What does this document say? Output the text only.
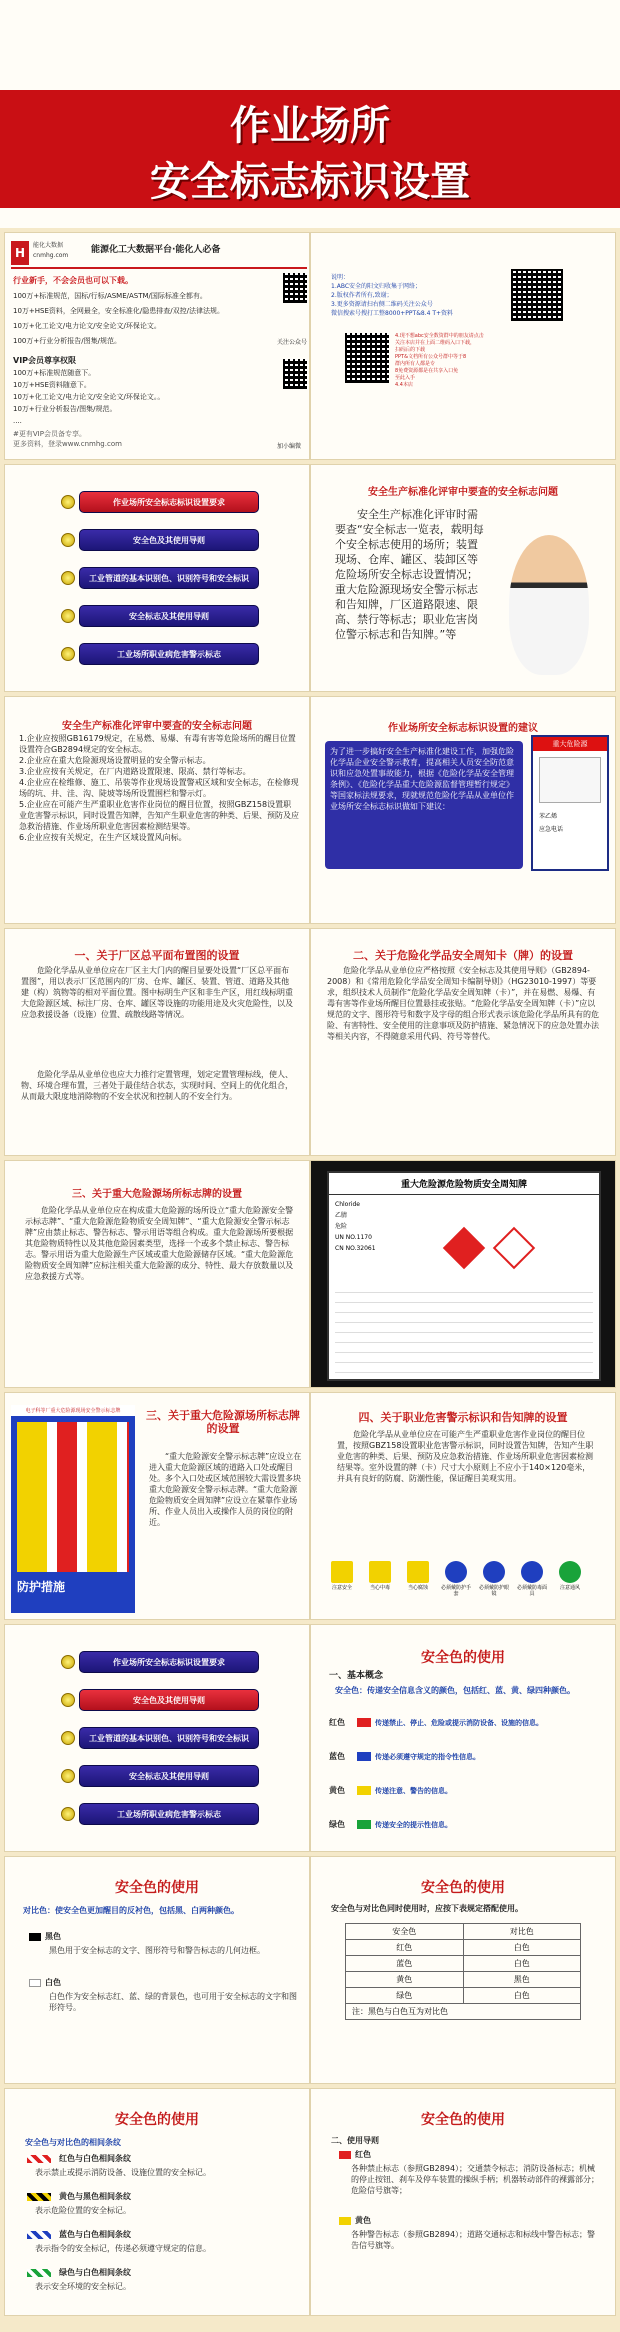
作业场所
安全标志标识设置
H
能化大数据
cnmhg.com
能源化工大数据平台·能化人必备
行业新手，不会会员也可以下载。
100万+标准规范，国标/行标/ASME/ASTM/国际标准全都有。
10万+HSE资料，全网最全，安全标准化/隐患排查/双控/法律法规。
10万+化工论文/电力论文/安全论文/环保论文。
100万+行业分析报告/图集/规范。
VIP会员尊享权限
100万+标准规范随意下。
10万+HSE资料随意下。
10万+化工论文/电力论文/安全论文/环保论文。。
10万+行业分析报告/图集/规范。
....
#更有VIP会员备专享。
更多资料，登录www.cnmhg.com
关注公众号
加小编微
说明：
1.ABC安全的阳文归收集于网络；
2.版权作者所有,致谢；
3.更多资源请扫右侧二维码关注公众号
微信搜索号搜打工整8000+PPT&8.4 T+资料
4.现不想abc安全数资群中的朋友请点击
关注本店并在上面二维码入口下载，
扫码后的下载
PPT&文档所有公众号群中等于8
群内所有人都是专
8免费资源都是在共享入口免
至此入手
4.4本店
作业场所安全标志标识设置要求
安全色及其使用导则
工业管道的基本识别色、识别符号和安全标识
安全标志及其使用导则
工业场所职业病危害警示标志
安全生产标准化评审中要查的安全标志问题
安全生产标准化评审时需要查“安全标志一览表，载明每个安全标志使用的场所；装置现场、仓库、罐区、装卸区等危险场所安全标志设置情况；重大危险源现场安全警示标志和告知牌，厂区道路限速、限高、禁行等标志；职业危害岗位警示标志和告知牌。”等
安全生产标准化评审中要查的安全标志问题
1.企业应按照GB16179规定，在易燃、易爆、有毒有害等危险场所的醒目位置设置符合GB2894规定的安全标志。
2.企业应在重大危险源现场设置明显的安全警示标志。
3.企业应按有关规定，在厂内道路设置限速、限高、禁行等标志。
4.企业应在检维修、施工、吊装等作业现场设置警戒区域和安全标志，在检修现场的坑、井、洼、沟、陡坡等场所设置围栏和警示灯。
5.企业应在可能产生严重职业危害作业岗位的醒目位置，按照GBZ158设置职业危害警示标识，同时设置告知牌，告知产生职业危害的种类、后果、预防及应急救治措施、作业场所职业危害因素检测结果等。
6.企业应按有关规定，在生产区域设置风向标。
作业场所安全标志标识设置的建议
为了进一步搞好安全生产标准化建设工作，加强危险化学品企业安全警示教育，提高相关人员安全防范意识和应急处置事故能力，根据《危险化学品安全管理条例》、《危险化学品重大危险源监督管理暂行规定》等国家标法规要求，现就规范危险化学品从业单位作业场所安全标志标识做如下建议：
重大危险源
苯乙烯
应急电话
一、关于厂区总平面布置图的设置
危险化学品从业单位应在厂区主大门内的醒目显要处设置“厂区总平面布置图”，用以表示厂区范围内的厂房、仓库、罐区、装置、管道、道路及其他建（构）筑物等的相对平面位置。图中标明生产区和非生产区，用红线标明重大危险源区域、标注厂房、仓库、罐区等设施的功能用途及火灾危险性，以及应急救援设备（设施）位置、疏散线路等情况。
危险化学品从业单位也应大力推行定置管理，划定定置管理标线，使人、物、环境合理布置，三者处于最佳结合状态，实现时间、空间上的优化组合，从而最大限度地消除物的不安全状况和控制人的不安全行为。
二、关于危险化学品安全周知卡（牌）的设置
危险化学品从业单位应严格按照《安全标志及其使用导则》（GB2894-2008）和《常用危险化学品安全周知卡编制导则》（HG23010-1997）等要求，组织技术人员制作“危险化学品安全周知牌（卡）”，并在易燃、易爆、有毒有害等作业场所醒目位置悬挂或张贴。“危险化学品安全周知牌（卡）”应以规范的文字、图形符号和数字及字母的组合形式表示该危险化学品所具有的危险、有害特性、安全使用的注意事项及防护措施、紧急情况下的应急处置办法等相关内容，不得随意采用代码、符号等替代。
三、关于重大危险源场所标志牌的设置
危险化学品从业单位应在构成重大危险源的场所设立“重大危险源安全警示标志牌”、“重大危险源危险物质安全周知牌”、“重大危险源安全警示标志牌”应由禁止标志、警告标志、警示用语等组合构成。重大危险源场所要根据其危险物质特性以及其他危险因素类型，选择一个或多个禁止标志、警告标志。警示用语为重大危险源生产区域或重大危险源储存区域。“重大危险源危险物质安全周知牌”应标注相关重大危险源的成分、特性、最大存放数量以及应急救援方式等。
重大危险源危险物质安全周知牌
Chloride
乙腈
危险
UN NO.1170
CN NO.32061
电子科等厂重大危险源现场安全警示标志牌
防护措施
三、关于重大危险源场所标志牌的设置
“重大危险源安全警示标志牌”应设立在进入重大危险源区域的道路入口处或醒目处。多个入口处或区域范围较大需设置多块重大危险源安全警示标志牌。“重大危险源危险物质安全周知牌”应设立在紧靠作业场所、作业人员出入或操作人员的岗位的附近。
四、关于职业危害警示标识和告知牌的设置
危险化学品从业单位应在可能产生严重职业危害作业岗位的醒目位置，按照GBZ158设置职业危害警示标识，同时设置告知牌，告知产生职业危害的种类、后果、预防及应急救治措施、作业场所职业危害因素检测结果等。室外设置的牌（卡）尺寸大小原则上不应小于140×120毫米，并具有良好的防腐、防潮性能，保证醒目美观实用。
注意安全	当心中毒	当心腐蚀	必须戴防护手套
必须戴防护眼镜
必须戴防毒面具
注意通风
作业场所安全标志标识设置要求
安全色及其使用导则
工业管道的基本识别色、识别符号和安全标识
安全标志及其使用导则
工业场所职业病危害警示标志
安全色的使用
一、基本概念
安全色：传递安全信息含义的颜色，包括红、蓝、黄、绿四种颜色。
红色	传递禁止、停止、危险或提示消防设备、设施的信息。
蓝色	传递必须遵守规定的指令性信息。
黄色	传递注意、警告的信息。
绿色	传递安全的提示性信息。
安全色的使用
对比色：使安全色更加醒目的反衬色，包括黑、白两种颜色。
黑色
黑色用于安全标志的文字、图形符号和警告标志的几何边框。
白色
白色作为安全标志红、蓝、绿的背景色，也可用于安全标志的文字和图形符号。
安全色的使用
安全色与对比色同时使用时，应按下表规定搭配使用。
安全色	对比色
红色	白色
蓝色	白色
黄色	黑色
绿色	白色
注：黑色与白色互为对比色	
安全色的使用
安全色与对比色的相间条纹
红色与白色相间条纹
表示禁止或提示消防设备、设施位置的安全标记。
黄色与黑色相间条纹
表示危险位置的安全标记。
蓝色与白色相间条纹
表示指令的安全标记，传递必须遵守规定的信息。
绿色与白色相间条纹
表示安全环境的安全标记。
安全色的使用
二、使用导则
红色
各种禁止标志（参照GB2894）；交通禁令标志；消防设备标志；机械的停止按钮、刹车及停车装置的操纵手柄；机器转动部件的裸露部分；危险信号旗等；
黄色
各种警告标志（参照GB2894）；道路交通标志和标线中警告标志；警告信号旗等。
